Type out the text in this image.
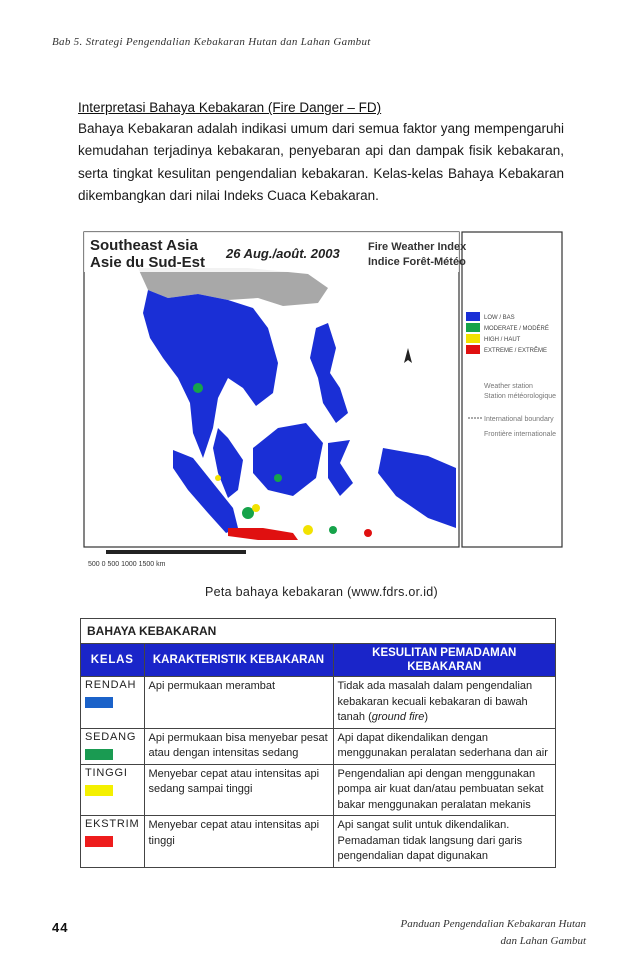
Bab 5. Strategi Pengendalian Kebakaran Hutan dan Lahan Gambut
Interpretasi Bahaya Kebakaran (Fire Danger – FD)
Bahaya Kebakaran adalah indikasi umum dari semua faktor yang mempengaruhi kemudahan terjadinya kebakaran, penyebaran api dan dampak fisik kebakaran, serta tingkat kesulitan pengendalian kebakaran. Kelas-kelas Bahaya Kebakaran dikembangkan dari nilai Indeks Cuaca Kebakaran.
Southeast Asia
Asie du Sud-Est
26 Aug./août. 2003	Fire Weather Index
Indice Forêt-Météo
LOW / BAS
MODERATE / MODÉRÉ
HIGH / HAUT
EXTREME / EXTRÊME
Weather station
Station météorologique
International boundary
Frontière internationale
500 0 500 1000 1500 km
Peta bahaya kebakaran (www.fdrs.or.id)
BAHAYA KEBAKARAN		
KELAS	KARAKTERISTIK KEBAKARAN	KESULITAN PEMADAMAN KEBAKARAN

RENDAH	Api permukaan merambat	Tidak ada masalah dalam pengendalian kebakaran kecuali kebakaran di bawah tanah (ground fire)

SEDANG	Api permukaan bisa menyebar pesat atau dengan intensitas sedang	Api dapat dikendalikan dengan menggunakan peralatan sederhana dan air

TINGGI	Menyebar cepat atau intensitas api sedang sampai tinggi	Pengendalian api dengan menggunakan pompa air kuat dan/atau pembuatan sekat bakar menggunakan peralatan mekanis

EKSTRIM	Menyebar cepat atau intensitas api tinggi	Api sangat sulit untuk dikendalikan. Pemadaman tidak langsung dari garis pengendalian dapat digunakan
44	Panduan Pengendalian Kebakaran Hutan
dan Lahan Gambut
